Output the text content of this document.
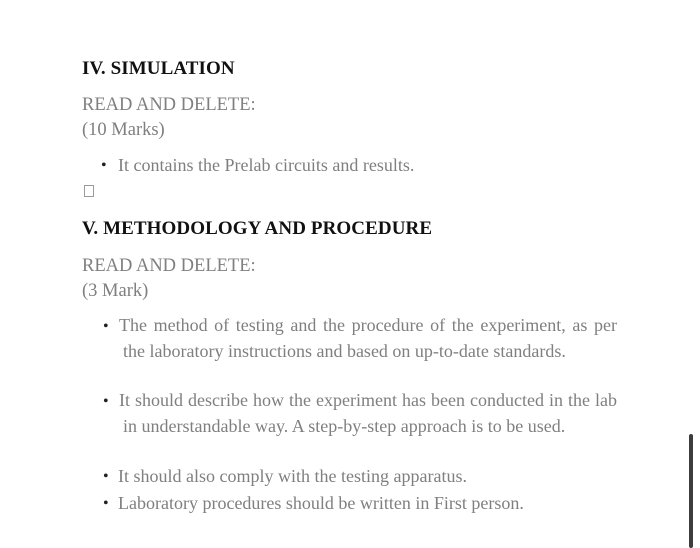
IV. SIMULATION
READ AND DELETE:
(10 Marks)
• It contains the Prelab circuits and results.
V. METHODOLOGY AND PROCEDURE
READ AND DELETE:
(3 Mark)
• The method of testing and the procedure of the experiment, as per the laboratory instructions and based on up-to-date standards.
• It should describe how the experiment has been conducted in the lab in understandable way. A step-by-step approach is to be used.
• It should also comply with the testing apparatus.
• Laboratory procedures should be written in First person.
